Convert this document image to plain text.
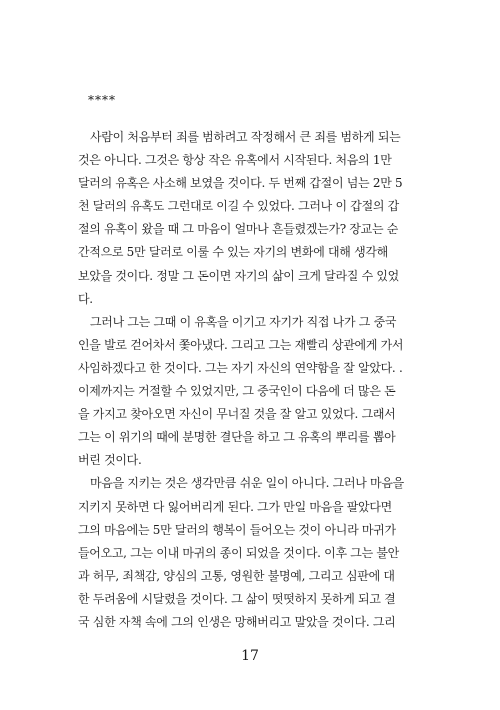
****
사람이 처음부터 죄를 범하려고 작정해서 큰 죄를 범하게 되는
것은 아니다. 그것은 항상 작은 유혹에서 시작된다. 처음의 1만
달러의 유혹은 사소해 보였을 것이다. 두 번째 갑절이 넘는 2만 5
천 달러의 유혹도 그런대로 이길 수 있었다. 그러나 이 갑절의 갑
절의 유혹이 왔을 때 그 마음이 얼마나 흔들렸겠는가? 장교는 순
간적으로 5만 달러로 이룰 수 있는 자기의 변화에 대해 생각해
보았을 것이다. 정말 그 돈이면 자기의 삶이 크게 달라질 수 있었
다.
그러나 그는 그때 이 유혹을 이기고 자기가 직접 나가 그 중국
인을 발로 걷어차서 쫓아냈다. 그리고 그는 재빨리 상관에게 가서
사임하겠다고 한 것이다. 그는 자기 자신의 연약함을 잘 알았다. .
이제까지는 거절할 수 있었지만, 그 중국인이 다음에 더 많은 돈
을 가지고 찾아오면 자신이 무너질 것을 잘 알고 있었다. 그래서
그는 이 위기의 때에 분명한 결단을 하고 그 유혹의 뿌리를 뽑아
버린 것이다.
마음을 지키는 것은 생각만큼 쉬운 일이 아니다. 그러나 마음을
지키지 못하면 다 잃어버리게 된다. 그가 만일 마음을 팔았다면
그의 마음에는 5만 달러의 행복이 들어오는 것이 아니라 마귀가
들어오고, 그는 이내 마귀의 종이 되었을 것이다. 이후 그는 불안
과 허무, 죄책감, 양심의 고통, 영원한 불명예, 그리고 심판에 대
한 두려움에 시달렸을 것이다. 그 삶이 떳떳하지 못하게 되고 결
국 심한 자책 속에 그의 인생은 망해버리고 말았을 것이다. 그리
17
